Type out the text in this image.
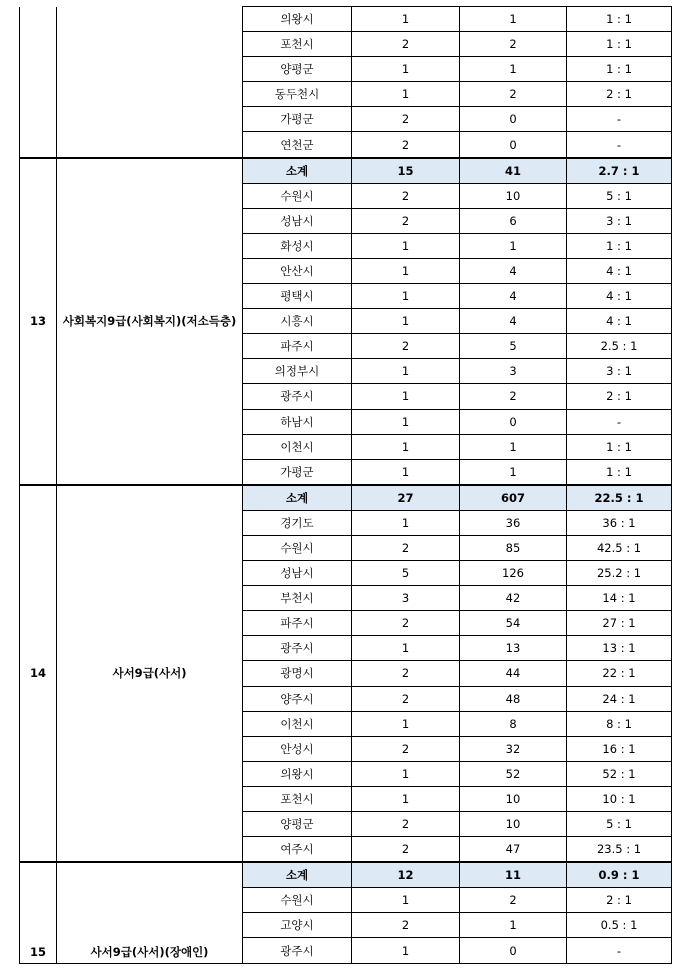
		의왕시	1	1	1 : 1
		포천시	2	2	1 : 1
		양평군	1	1	1 : 1
		동두천시	1	2	2 : 1
		가평군	2	0	-
		연천군	2	0	-
13	사회복지9급(사회복지)(저소득층)	소계	15	41	2.7 : 1
		수원시	2	10	5 : 1
		성남시	2	6	3 : 1
		화성시	1	1	1 : 1
		안산시	1	4	4 : 1
		평택시	1	4	4 : 1
		시흥시	1	4	4 : 1
		파주시	2	5	2.5 : 1
		의정부시	1	3	3 : 1
		광주시	1	2	2 : 1
		하남시	1	0	-
		이천시	1	1	1 : 1
		가평군	1	1	1 : 1
14	사서9급(사서)	소계	27	607	22.5 : 1
		경기도	1	36	36 : 1
		수원시	2	85	42.5 : 1
		성남시	5	126	25.2 : 1
		부천시	3	42	14 : 1
		파주시	2	54	27 : 1
		광주시	1	13	13 : 1
		광명시	2	44	22 : 1
		양주시	2	48	24 : 1
		이천시	1	8	8 : 1
		안성시	2	32	16 : 1
		의왕시	1	52	52 : 1
		포천시	1	10	10 : 1
		양평군	2	10	5 : 1
		여주시	2	47	23.5 : 1
15	사서9급(사서)(장애인)	소계	12	11	0.9 : 1
		수원시	1	2	2 : 1
		고양시	2	1	0.5 : 1
		광주시	1	0	-
